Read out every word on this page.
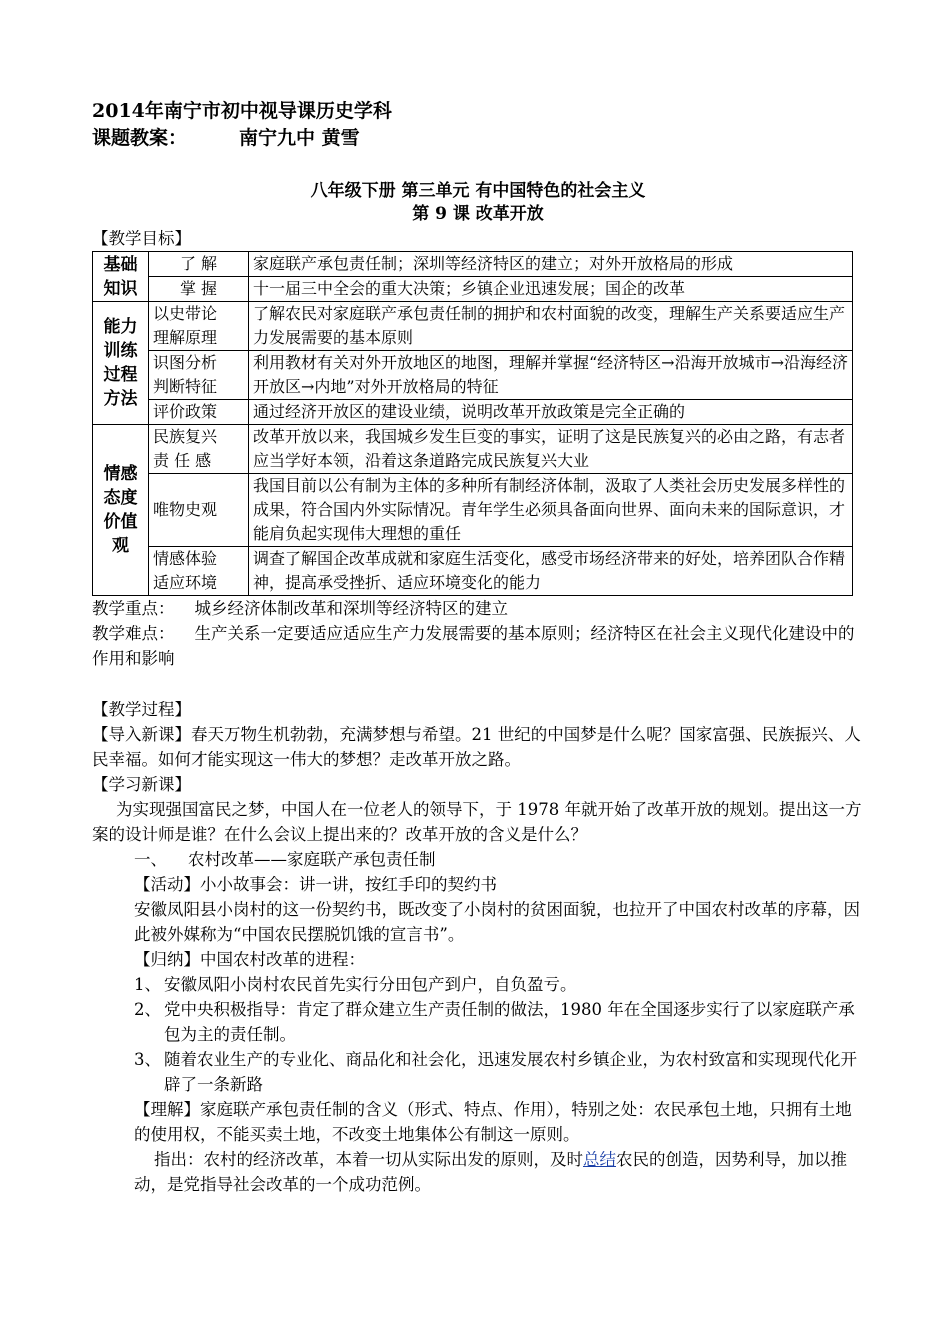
2014年南宁市初中视导课历史学科
课题教案：	南宁九中 黄雪
八年级下册 第三单元 有中国特色的社会主义
第 9 课 改革开放
【教学目标】
基础知识	了 解	家庭联产承包责任制；深圳等经济特区的建立；对外开放格局的形成
	掌 握	十一届三中全会的重大决策；乡镇企业迅速发展；国企的改革

能力训练过程方法	以史带论理解原理	了解农民对家庭联产承包责任制的拥护和农村面貌的改变，理解生产关系要适应生产力发展需要的基本原则

	识图分析判断特征	利用教材有关对外开放地区的地图，理解并掌握“经济特区→沿海开放城市→沿海经济开放区→内地”对外开放格局的特征
	评价政策	通过经济开放区的建设业绩，说明改革开放政策是完全正确的

情感态度价值观	民族复兴责 任 感	改革开放以来，我国城乡发生巨变的事实，证明了这是民族复兴的必由之路，有志者应当学好本领，沿着这条道路完成民族复兴大业
	唯物史观	我国目前以公有制为主体的多种所有制经济体制，汲取了人类社会历史发展多样性的成果，符合国内外实际情况。青年学生必须具备面向世界、面向未来的国际意识，才能肩负起实现伟大理想的重任

	情感体验适应环境	调查了解国企改革成就和家庭生活变化，感受市场经济带来的好处，培养团队合作精神，提高承受挫折、适应环境变化的能力

教学重点： 城乡经济体制改革和深圳等经济特区的建立

教学难点： 生产关系一定要适应适应生产力发展需要的基本原则；经济特区在社会主义现代化建设中的作用和影响

【教学过程】

【导入新课】春天万物生机勃勃，充满梦想与希望。21 世纪的中国梦是什么呢？国家富强、民族振兴、人民幸福。如何才能实现这一伟大的梦想？走改革开放之路。

【学习新课】

为实现强国富民之梦，中国人在一位老人的领导下，于 1978 年就开始了改革开放的规划。提出这一方案的设计师是谁？在什么会议上提出来的？改革开放的含义是什么？

一、    农村改革——家庭联产承包责任制

【活动】小小故事会：讲一讲，按红手印的契约书

安徽凤阳县小岗村的这一份契约书，既改变了小岗村的贫困面貌，也拉开了中国农村改革的序幕，因此被外媒称为“中国农民摆脱饥饿的宣言书”。

【归纳】中国农村改革的进程：

1、 安徽凤阳小岗村农民首先实行分田包产到户，自负盈亏。
2、 党中央积极指导：肯定了群众建立生产责任制的做法，1980 年在全国逐步实行了以家庭联产承包为主的责任制。
3、 随着农业生产的专业化、商品化和社会化，迅速发展农村乡镇企业，为农村致富和实现现代化开辟了一条新路

【理解】家庭联产承包责任制的含义（形式、特点、作用），特别之处：农民承包土地，只拥有土地的使用权，不能买卖土地，不改变土地集体公有制这一原则。

指出：农村的经济改革，本着一切从实际出发的原则，及时总结农民的创造，因势利导，加以推动，是党指导社会改革的一个成功范例。
